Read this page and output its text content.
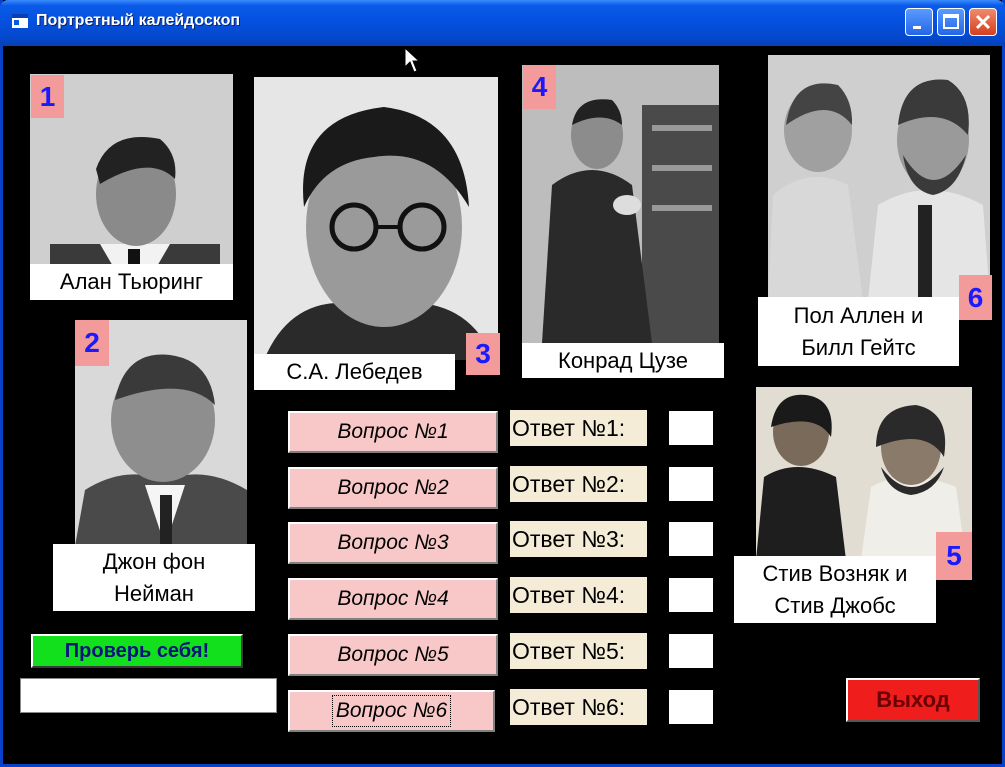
Портретный калейдоскоп
1
Алан Тьюринг
С.А. Лебедев
3
4
Конрад Цузе
Пол Аллен и
Билл Гейтс
6
2
Джон фон
Нейман
Стив Возняк и
Стив Джобс
5
Вопрос №1
Вопрос №2
Вопрос №3
Вопрос №4
Вопрос №5
Вопрос №6
Ответ №1:
Ответ №2:
Ответ №3:
Ответ №4:
Ответ №5:
Ответ №6:
Проверь себя!
Выход
